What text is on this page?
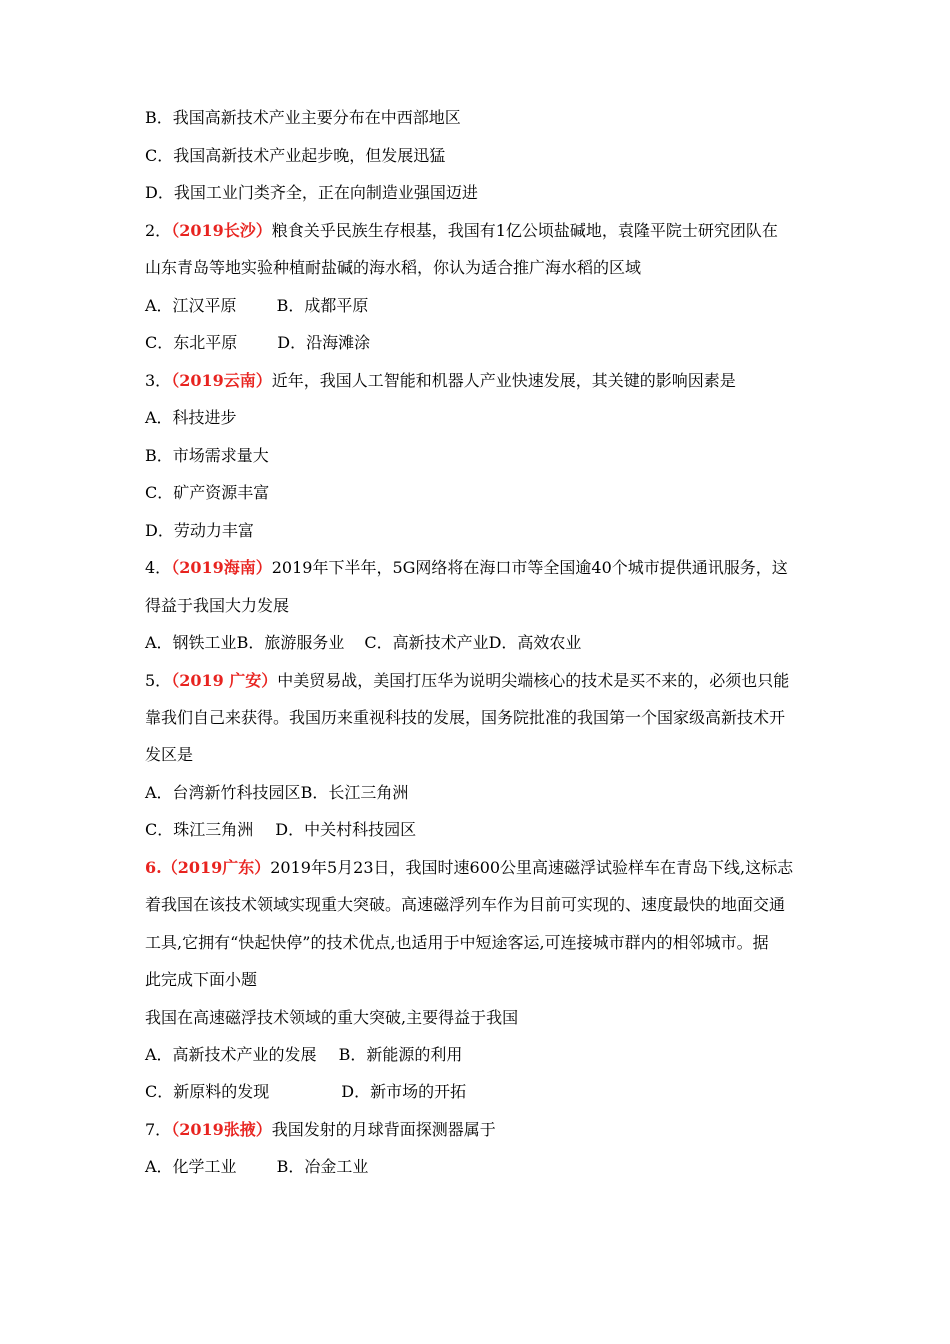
B．我国高新技术产业主要分布在中西部地区
C．我国高新技术产业起步晚，但发展迅猛
D．我国工业门类齐全，正在向制造业强国迈进
2．（2019长沙）粮食关乎民族生存根基，我国有1亿公顷盐碱地，袁隆平院士研究团队在
山东青岛等地实验种植耐盐碱的海水稻，你认为适合推广海水稻的区域
A．江汉平原	B．成都平原
C．东北平原	D．沿海滩涂
3．（2019云南）近年，我国人工智能和机器人产业快速发展，其关键的影响因素是
A．科技进步
B．市场需求量大
C．矿产资源丰富
D．劳动力丰富
4．（2019海南）2019年下半年，5G网络将在海口市等全国逾40个城市提供通讯服务，这
得益于我国大力发展
A．钢铁工业B．旅游服务业 C．高新技术产业D．高效农业
5．（2019 广安）中美贸易战，美国打压华为说明尖端核心的技术是买不来的，必须也只能
靠我们自己来获得。我国历来重视科技的发展，国务院批准的我国第一个国家级高新技术开
发区是
A．台湾新竹科技园区B．长江三角洲
C．珠江三角洲 D．中关村科技园区
6.（2019广东）2019年5月23日，我国时速600公里高速磁浮试验样车在青岛下线,这标志
着我国在该技术领域实现重大突破。高速磁浮列车作为目前可实现的、速度最快的地面交通
工具,它拥有“快起快停”的技术优点,也适用于中短途客运,可连接城市群内的相邻城市。据
此完成下面小题
我国在高速磁浮技术领域的重大突破,主要得益于我国
A．高新技术产业的发展 B．新能源的利用
C．新原料的发现	D．新市场的开拓
7．（2019张掖）我国发射的月球背面探测器属于
A．化学工业	B．冶金工业
